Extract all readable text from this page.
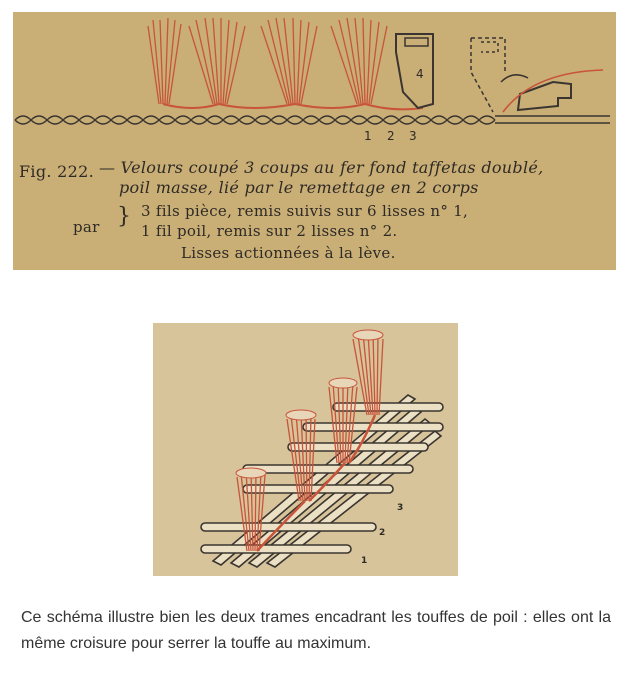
4
1 2 3
Fig. 222. — Velours coupé 3 coups au fer fond taffetas doublé,
poil masse, lié par le remettage en 2 corps
par } 3 fils pièce, remis suivis sur 6 lisses n° 1,
1 fil poil, remis sur 2 lisses n° 2.
Lisses actionnées à la lève.
1
2
3
Ce schéma illustre bien les deux trames encadrant les touffes de poil : elles ont la même croisure pour serrer la touffe au maximum.
